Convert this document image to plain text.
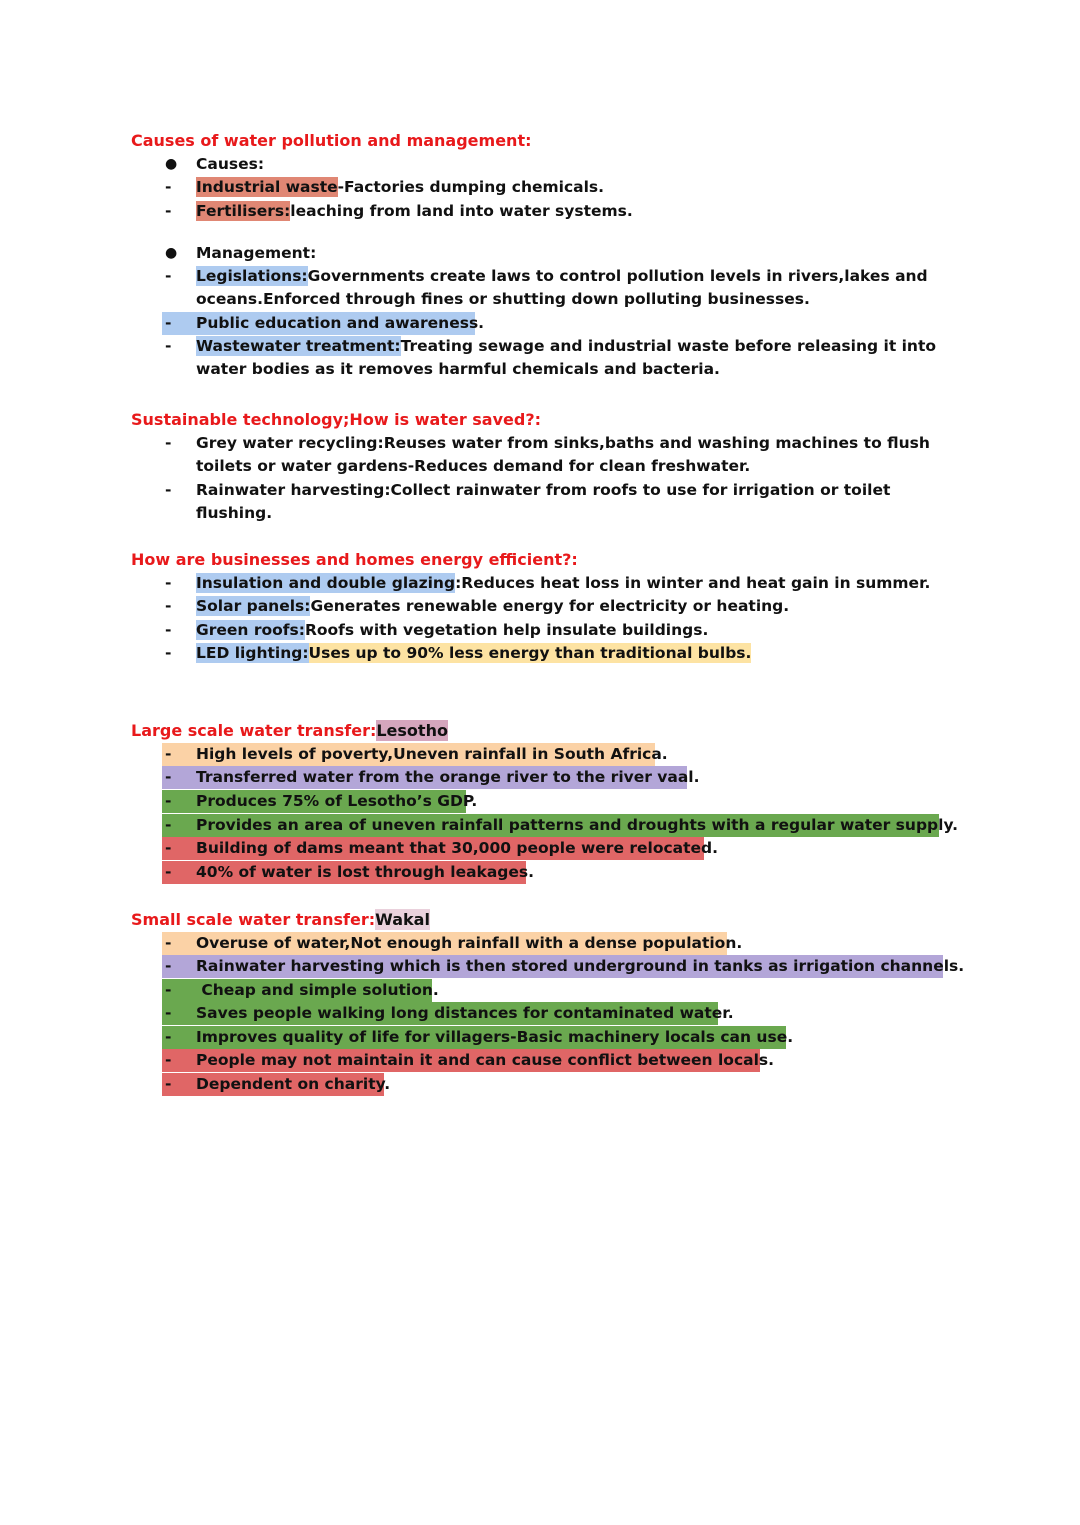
Causes of water pollution and management:
●	Causes:
-	Industrial waste-Factories dumping chemicals.
-	Fertilisers:leaching from land into water systems.
●	Management:
-	Legislations:Governments create laws to control pollution levels in rivers,lakes and
oceans.Enforced through fines or shutting down polluting businesses.
-	Public education and awareness.
-	Wastewater treatment:Treating sewage and industrial waste before releasing it into
water bodies as it removes harmful chemicals and bacteria.
Sustainable technology;How is water saved?:
-	Grey water recycling:Reuses water from sinks,baths and washing machines to flush
toilets or water gardens-Reduces demand for clean freshwater.
-	Rainwater harvesting:Collect rainwater from roofs to use for irrigation or toilet
flushing.
How are businesses and homes energy efficient?:
-	Insulation and double glazing:Reduces heat loss in winter and heat gain in summer.
-	Solar panels:Generates renewable energy for electricity or heating.
-	Green roofs:Roofs with vegetation help insulate buildings.
-	LED lighting:Uses up to 90% less energy than traditional bulbs.
Large scale water transfer:Lesotho
-	High levels of poverty,Uneven rainfall in South Africa.
-	Transferred water from the orange river to the river vaal.
-	Produces 75% of Lesotho’s GDP.
-	Provides an area of uneven rainfall patterns and droughts with a regular water supply.
-	Building of dams meant that 30,000 people were relocated.
-	40% of water is lost through leakages.
Small scale water transfer:Wakal
-	Overuse of water,Not enough rainfall with a dense population.
-	Rainwater harvesting which is then stored underground in tanks as irrigation channels.
-	Cheap and simple solution.
-	Saves people walking long distances for contaminated water.
-	Improves quality of life for villagers-Basic machinery locals can use.
-	People may not maintain it and can cause conflict between locals.
-	Dependent on charity.
